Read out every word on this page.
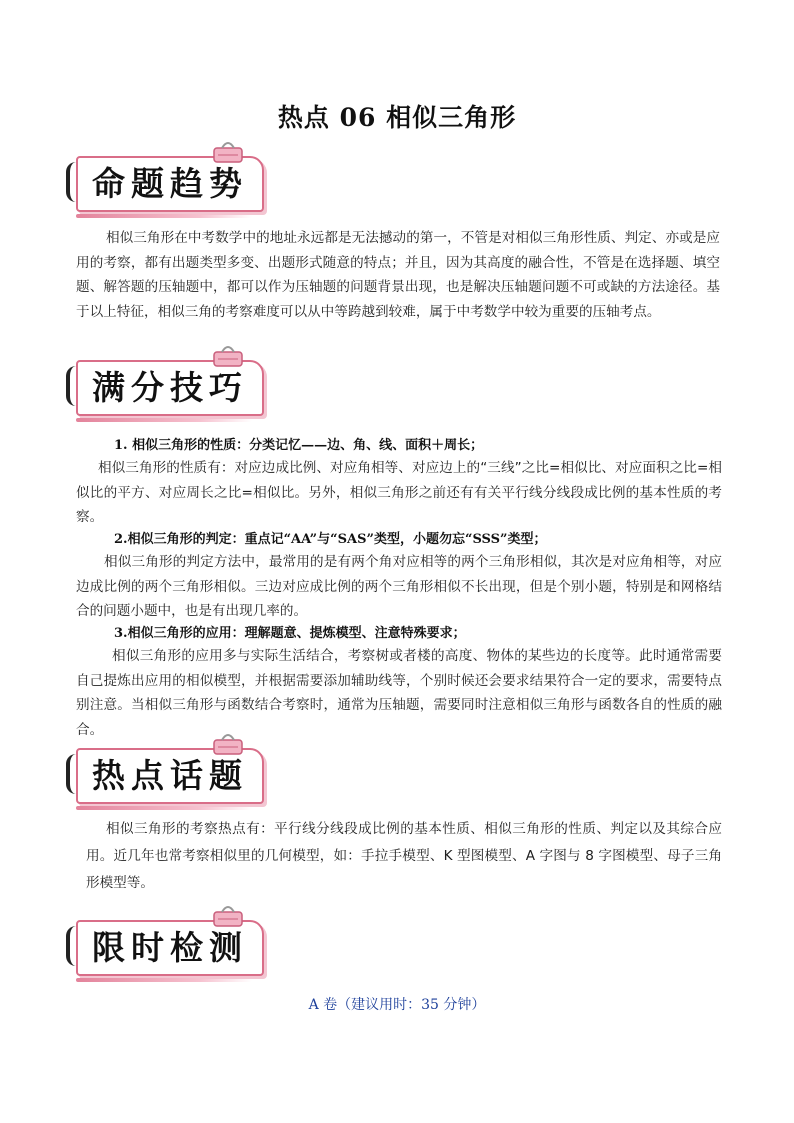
热点 06 相似三角形
命题趋势
相似三角形在中考数学中的地址永远都是无法撼动的第一，不管是对相似三角形性质、判定、亦或是应用的考察，都有出题类型多变、出题形式随意的特点；并且，因为其高度的融合性，不管是在选择题、填空题、解答题的压轴题中，都可以作为压轴题的问题背景出现，也是解决压轴题问题不可或缺的方法途径。基于以上特征，相似三角的考察难度可以从中等跨越到较难，属于中考数学中较为重要的压轴考点。
满分技巧
1. 相似三角形的性质：分类记忆——边、角、线、面积＋周长；
相似三角形的性质有：对应边成比例、对应角相等、对应边上的“三线”之比=相似比、对应面积之比=相似比的平方、对应周长之比=相似比。另外，相似三角形之前还有有关平行线分线段成比例的基本性质的考察。
2.相似三角形的判定：重点记“AA”与“SAS”类型，小题勿忘“SSS”类型；
相似三角形的判定方法中，最常用的是有两个角对应相等的两个三角形相似，其次是对应角相等，对应边成比例的两个三角形相似。三边对应成比例的两个三角形相似不长出现，但是个别小题，特别是和网格结合的问题小题中，也是有出现几率的。
3.相似三角形的应用：理解题意、提炼模型、注意特殊要求；
相似三角形的应用多与实际生活结合，考察树或者楼的高度、物体的某些边的长度等。此时通常需要自己提炼出应用的相似模型，并根据需要添加辅助线等，个别时候还会要求结果符合一定的要求，需要特点别注意。当相似三角形与函数结合考察时，通常为压轴题，需要同时注意相似三角形与函数各自的性质的融合。
热点话题
相似三角形的考察热点有：平行线分线段成比例的基本性质、相似三角形的性质、判定以及其综合应用。近几年也常考察相似里的几何模型，如：手拉手模型、K 型图模型、A 字图与 8 字图模型、母子三角形模型等。
限时检测
A 卷（建议用时：35 分钟）
